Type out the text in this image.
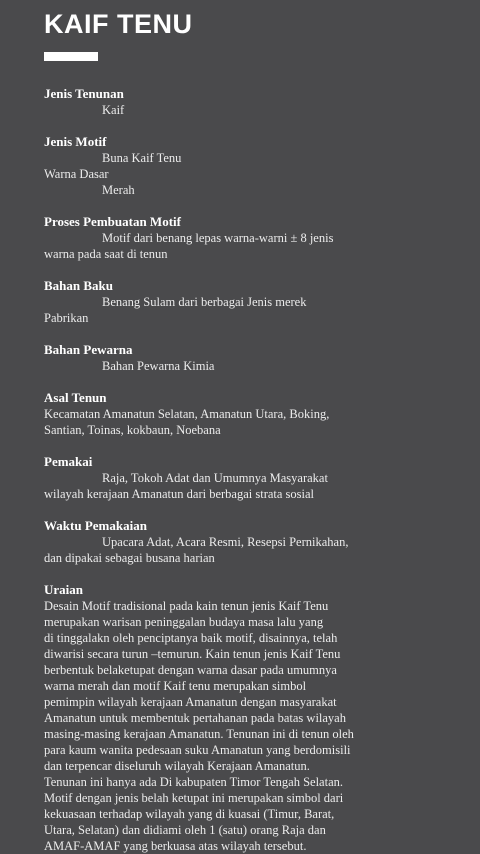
KAIF TENU
Jenis Tenunan
Kaif
Jenis Motif
Buna Kaif Tenu
Warna Dasar
Merah
Proses Pembuatan Motif
Motif dari benang lepas warna-warni ± 8 jenis
warna pada saat di tenun
Bahan Baku
Benang Sulam dari berbagai Jenis merek
Pabrikan
Bahan Pewarna
Bahan Pewarna Kimia
Asal Tenun
Kecamatan Amanatun Selatan, Amanatun Utara, Boking,
Santian, Toinas, kokbaun, Noebana
Pemakai
Raja, Tokoh Adat dan Umumnya Masyarakat
wilayah kerajaan Amanatun dari berbagai strata sosial
Waktu Pemakaian
Upacara Adat, Acara Resmi, Resepsi Pernikahan,
dan dipakai sebagai busana harian
Uraian
Desain Motif tradisional pada kain tenun jenis Kaif Tenu
merupakan warisan peninggalan budaya masa lalu yang
di tinggalakn oleh penciptanya baik motif, disainnya, telah
diwarisi secara turun –temurun. Kain tenun jenis Kaif Tenu
berbentuk belaketupat dengan warna dasar pada umumnya
warna merah dan motif Kaif tenu merupakan simbol
pemimpin wilayah kerajaan Amanatun dengan masyarakat
Amanatun untuk membentuk pertahanan pada batas wilayah
masing-masing kerajaan Amanatun. Tenunan ini di tenun oleh
para kaum wanita pedesaan suku Amanatun yang berdomisili
dan terpencar diseluruh wilayah Kerajaan Amanatun.
Tenunan ini hanya ada Di kabupaten Timor Tengah Selatan.
Motif dengan jenis belah ketupat ini merupakan simbol dari
kekuasaan terhadap wilayah yang di kuasai (Timur, Barat,
Utara, Selatan) dan didiami oleh 1 (satu) orang Raja dan
AMAF-AMAF yang berkuasa atas wilayah tersebut.
